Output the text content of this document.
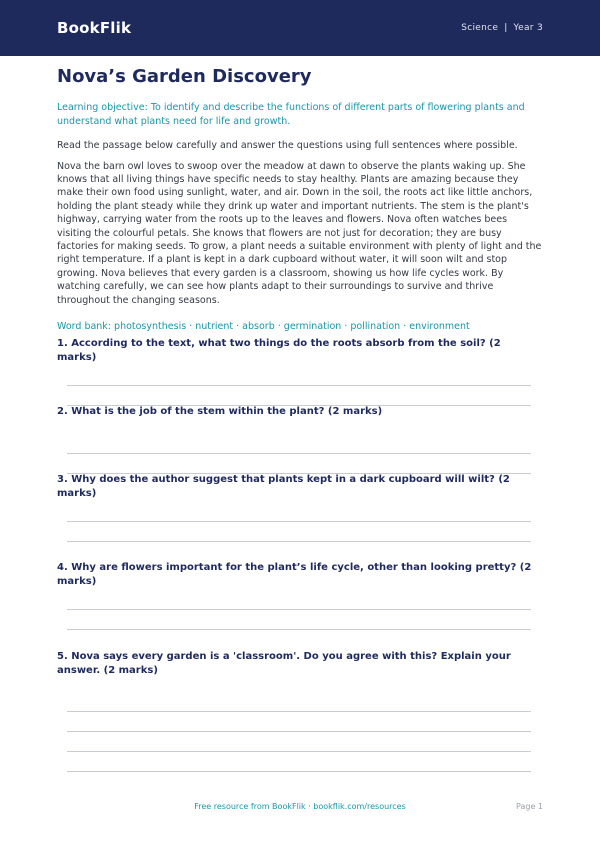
BookFlik	Science | Year 3
Nova’s Garden Discovery

Learning objective: To identify and describe the functions of different parts of flowering plants and understand what plants need for life and growth.

Read the passage below carefully and answer the questions using full sentences where possible.

Nova the barn owl loves to swoop over the meadow at dawn to observe the plants waking up. She knows that all living things have specific needs to stay healthy. Plants are amazing because they make their own food using sunlight, water, and air. Down in the soil, the roots act like little anchors, holding the plant steady while they drink up water and important nutrients. The stem is the plant's highway, carrying water from the roots up to the leaves and flowers. Nova often watches bees visiting the colourful petals. She knows that flowers are not just for decoration; they are busy factories for making seeds. To grow, a plant needs a suitable environment with plenty of light and the right temperature. If a plant is kept in a dark cupboard without water, it will soon wilt and stop growing. Nova believes that every garden is a classroom, showing us how life cycles work. By watching carefully, we can see how plants adapt to their surroundings to survive and thrive throughout the changing seasons.

Word bank: photosynthesis · nutrient · absorb · germination · pollination · environment

1. According to the text, what two things do the roots absorb from the soil? (2 marks)
2. What is the job of the stem within the plant? (2 marks)
3. Why does the author suggest that plants kept in a dark cupboard will wilt? (2 marks)
4. Why are flowers important for the plant’s life cycle, other than looking pretty? (2 marks)
5. Nova says every garden is a 'classroom'. Do you agree with this? Explain your answer. (2 marks)
Free resource from BookFlik · bookflik.com/resources	Page 1
